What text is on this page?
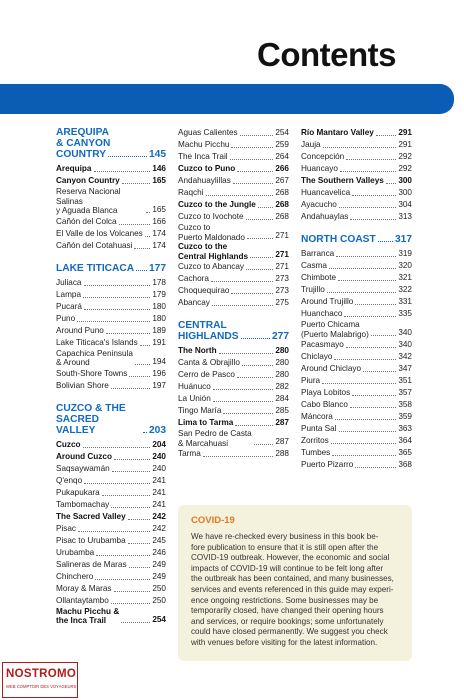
Contents
AREQUIPA
& CANYON
COUNTRY	145
Arequipa	146
Canyon Country	165
Reserva Nacional Salinas
y Aguada Blanca	165
Cañón del Colca	166
El Valle de los Volcanes 174
Cañón del Cotahuasi 174
LAKE TITICACA 177
Juliaca	178
Lampa	179
Pucará	180
Puno	180
Around Puno	189
Lake Titicaca's Islands 191
Capachica Peninsula
& Around	194
South-Shore Towns	196
Bolivian Shore	197
CUZCO & THE
SACRED VALLEY	203
Cuzco	204
Around Cuzco	240
Saqsaywamán	240
Q'enqo	241
Pukapukara	241
Tambomachay	241
The Sacred Valley	242
Pisac	242
Pisac to Urubamba	245
Urubamba	246
Salineras de Maras	249
Chinchero	249
Moray & Maras	250
Ollantaytambo	250
Machu Picchu &
the Inca Trail	254
Aguas Calientes	254
Machu Picchu	259
The Inca Trail	264
Cuzco to Puno	266
Andahuaylillas	267
Raqchi	268
Cuzco to the Jungle 268
Cuzco to Ivochote	268
Cuzco to
Puerto Maldonado	271
Cuzco to the
Central Highlands	271
Cuzco to Abancay	271
Cachora	273
Choquequirao	273
Abancay	275
CENTRAL
HIGHLANDS	277
The North	280
Canta & Obrajillo	280
Cerro de Pasco	280
Huánuco	282
La Unión	284
Tingo María	285
Lima to Tarma	287
San Pedro de Casta
& Marcahuasi	287
Tarma	288
Río Mantaro Valley	291
Jauja	291
Concepción	292
Huancayo	292
The Southern Valleys 300
Huancavelica	300
Ayacucho	304
Andahuaylas	313
NORTH COAST 317
Barranca	319
Casma	320
Chimbote	321
Trujillo	322
Around Trujillo	331
Huanchaco	335
Puerto Chicama
(Puerto Malabrigo)	340
Pacasmayo	340
Chiclayo	342
Around Chiclayo	347
Piura	351
Playa Lobitos	357
Cabo Blanco	358
Máncora	359
Punta Sal	363
Zorritos	364
Tumbes	365
Puerto Pizarro	368
COVID-19
We have re-checked every business in this book be-
fore publication to ensure that it is still open after the
COVID-19 outbreak. However, the economic and social
impacts of COVID-19 will continue to be felt long after
the outbreak has been contained, and many businesses,
services and events referenced in this guide may experi-
ence ongoing restrictions. Some businesses may be
temporarily closed, have changed their opening hours
and services, or require bookings; some unfortunately
could have closed permanently. We suggest you check
with venues before visiting for the latest information.
NOSTROMO
WEB COMPTOIR DES VOYAGEURS
